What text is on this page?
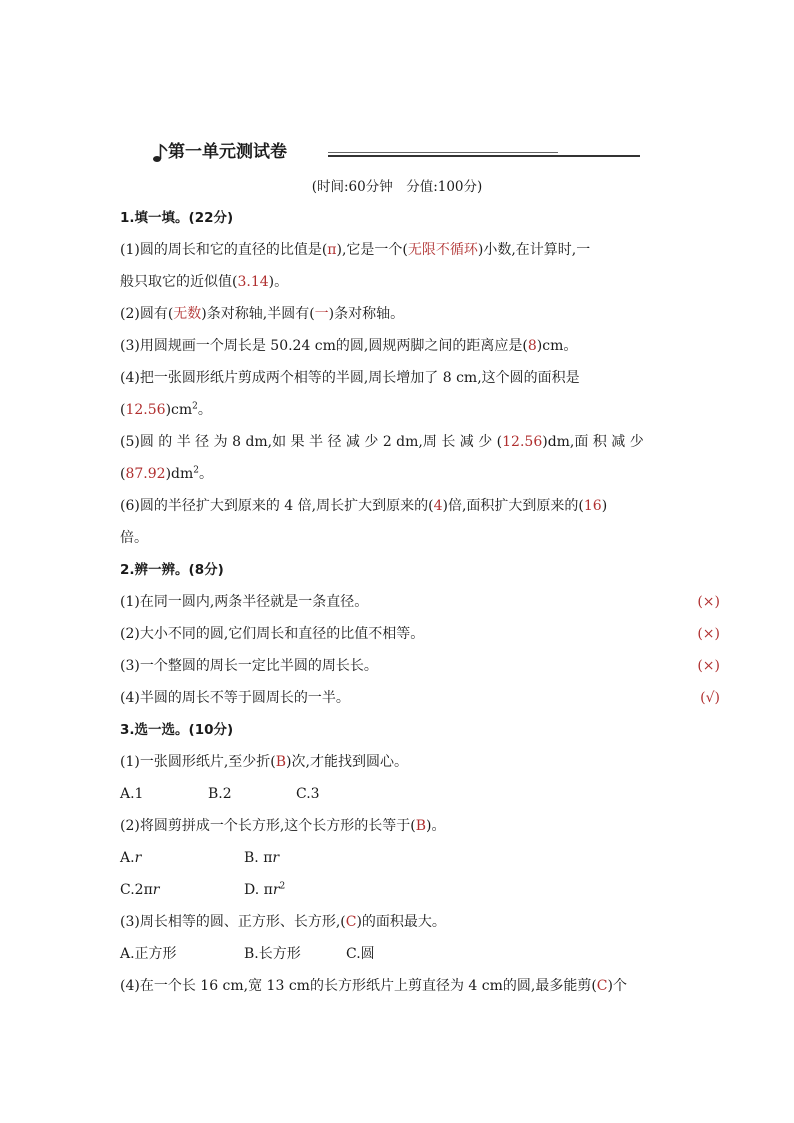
第一单元测试卷
(时间:60分钟　分值:100分)
1.填一填。(22分)
(1)圆的周长和它的直径的比值是(π),它是一个(无限不循环)小数,在计算时,一
般只取它的近似值(3.14)。
(2)圆有(无数)条对称轴,半圆有(一)条对称轴。
(3)用圆规画一个周长是 50.24 cm的圆,圆规两脚之间的距离应是(8)cm。
(4)把一张圆形纸片剪成两个相等的半圆,周长增加了 8 cm,这个圆的面积是
$(12.56)cm^2$。
(5)圆 的 半 径 为 8 dm,如 果 半 径 减 少 2 dm,周 长 减 少 (12.56)dm,面 积 减 少
$(87.92)dm^2$。
(6)圆的半径扩大到原来的 4 倍,周长扩大到原来的(4)倍,面积扩大到原来的(16)
倍。
2.辨一辨。(8分)
(1)在同一圆内,两条半径就是一条直径。	(×)
(2)大小不同的圆,它们周长和直径的比值不相等。	(×)
(3)一个整圆的周长一定比半圆的周长长。	(×)
(4)半圆的周长不等于圆周长的一半。	(√)
3.选一选。(10分)
(1)一张圆形纸片,至少折(B)次,才能找到圆心。
A.1	B.2	C.3
(2)将圆剪拼成一个长方形,这个长方形的长等于(B)。
A.r	B. πr
C.2πr	D. $\pi r^2$
(3)周长相等的圆、正方形、长方形,(C)的面积最大。
A.正方形	B.长方形	C.圆
(4)在一个长 16 cm,宽 13 cm的长方形纸片上剪直径为 4 cm的圆,最多能剪(C)个
